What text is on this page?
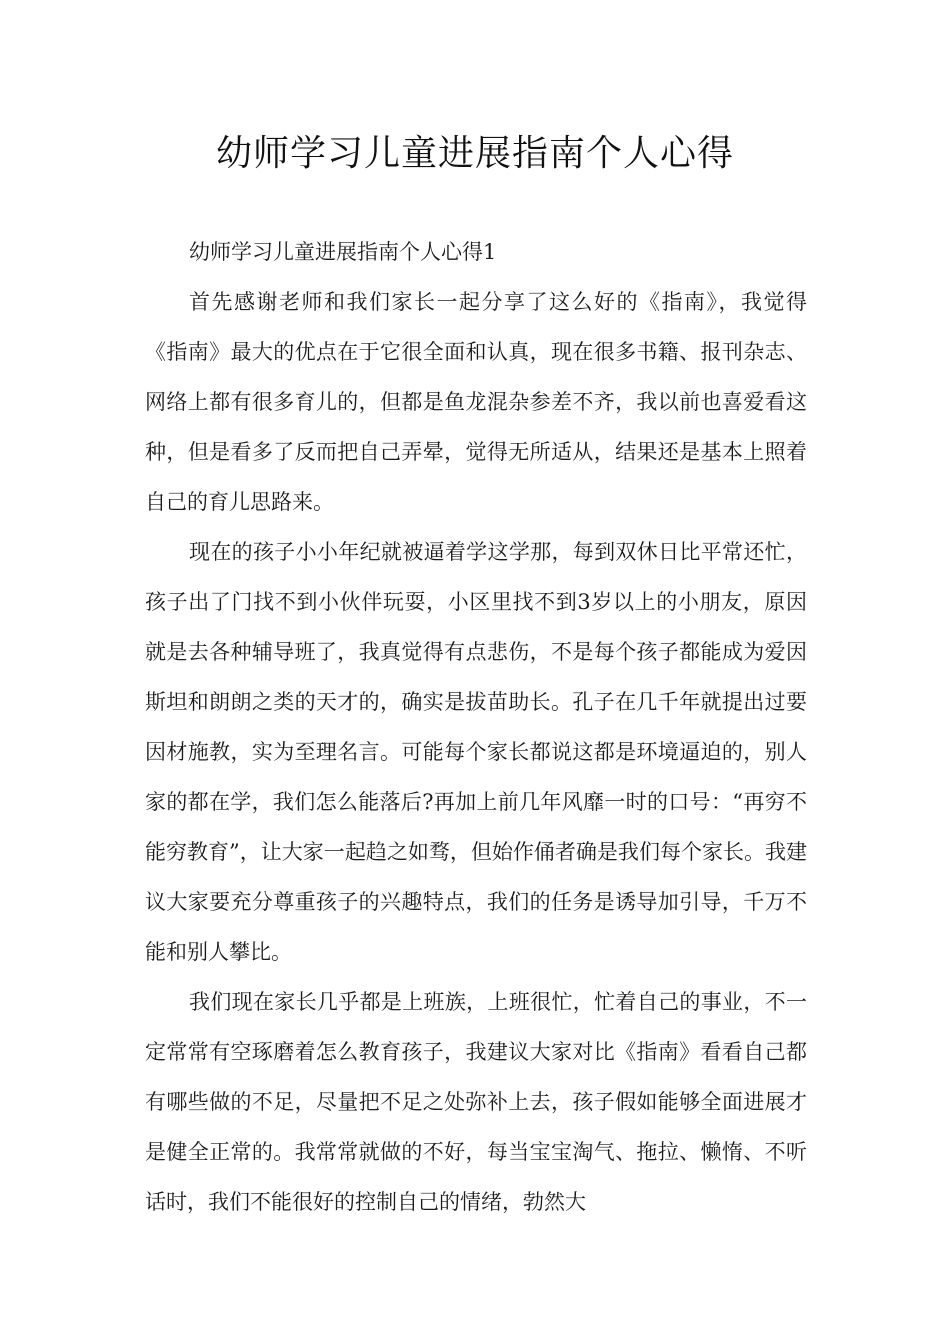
幼师学习儿童进展指南个人心得

幼师学习儿童进展指南个人心得1

首先感谢老师和我们家长一起分享了这么好的《指南》，我觉得《指南》最大的优点在于它很全面和认真，现在很多书籍、报刊杂志、网络上都有很多育儿的，但都是鱼龙混杂参差不齐，我以前也喜爱看这种，但是看多了反而把自己弄晕，觉得无所适从，结果还是基本上照着自己的育儿思路来。

现在的孩子小小年纪就被逼着学这学那，每到双休日比平常还忙，孩子出了门找不到小伙伴玩耍，小区里找不到3岁以上的小朋友，原因就是去各种辅导班了，我真觉得有点悲伤，不是每个孩子都能成为爱因斯坦和朗朗之类的天才的，确实是拔苗助长。孔子在几千年就提出过要因材施教，实为至理名言。可能每个家长都说这都是环境逼迫的，别人家的都在学，我们怎么能落后?再加上前几年风靡一时的口号：“再穷不能穷教育”，让大家一起趋之如骛，但始作俑者确是我们每个家长。我建议大家要充分尊重孩子的兴趣特点，我们的任务是诱导加引导，千万不能和别人攀比。

我们现在家长几乎都是上班族，上班很忙，忙着自己的事业，不一定常常有空琢磨着怎么教育孩子，我建议大家对比《指南》看看自己都有哪些做的不足，尽量把不足之处弥补上去，孩子假如能够全面进展才是健全正常的。我常常就做的不好，每当宝宝淘气、拖拉、懒惰、不听话时，我们不能很好的控制自己的情绪，勃然大
